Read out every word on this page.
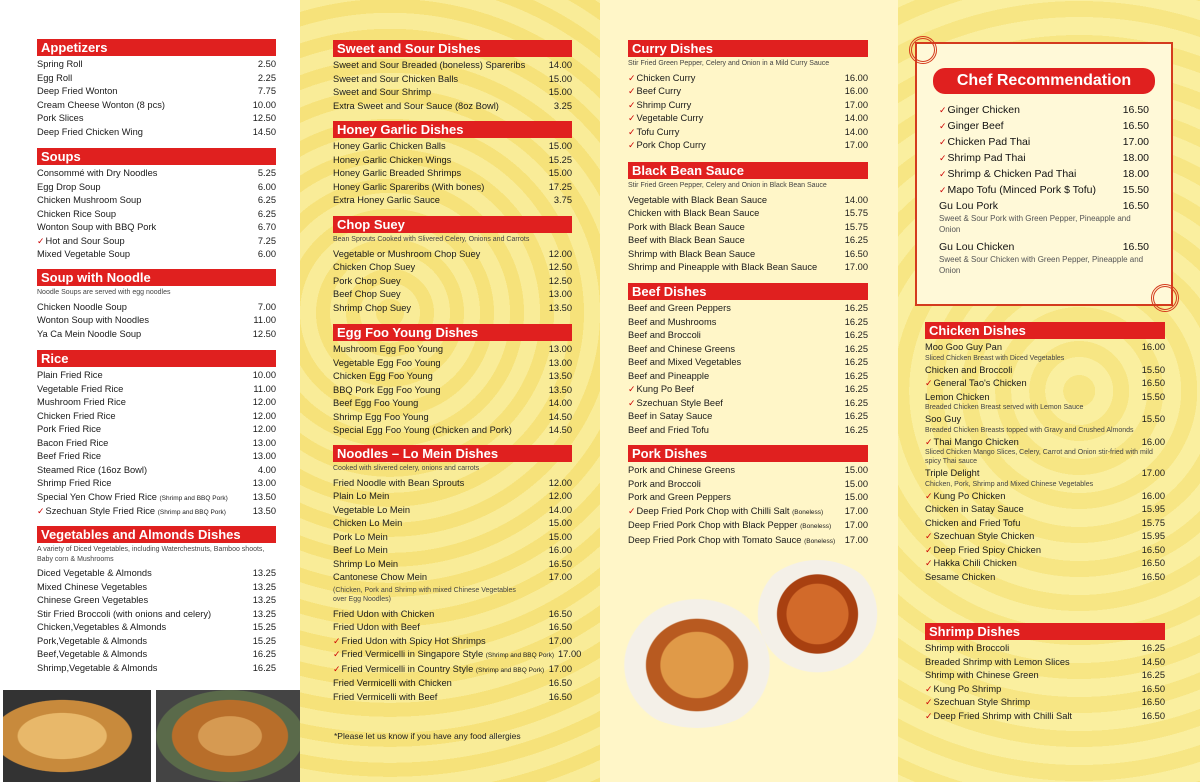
Appetizers
Spring Roll	2.50
Egg Roll	2.25
Deep Fried Wonton	7.75
Cream Cheese Wonton (8 pcs)	10.00
Pork Slices	12.50
Deep Fried Chicken Wing	14.50
Soups
Consommé with Dry Noodles	5.25
Egg Drop Soup	6.00
Chicken Mushroom Soup	6.25
Chicken Rice Soup	6.25
Wonton Soup with BBQ Pork	6.70
✓Hot and Sour Soup	7.25
Mixed Vegetable Soup	6.00
Soup with Noodle
Noodle Soups are served with egg noodles
Chicken Noodle Soup	7.00
Wonton Soup with Noodles	11.00
Ya Ca Mein Noodle Soup	12.50
Rice
Plain Fried Rice	10.00
Vegetable Fried Rice	11.00
Mushroom Fried Rice	12.00
Chicken Fried Rice	12.00
Pork Fried Rice	12.00
Bacon Fried Rice	13.00
Beef Fried Rice	13.00
Steamed Rice (16oz Bowl)	4.00
Shrimp Fried Rice	13.00
Special Yen Chow Fried Rice (Shrimp and BBQ Pork)	13.50
✓Szechuan Style Fried Rice (Shrimp and BBQ Pork)	13.50
Vegetables and Almonds Dishes
A variety of Diced Vegetables, including Waterchestnuts, Bamboo shoots, Baby corn & Mushrooms
Diced Vegetable & Almonds	13.25
Mixed Chinese Vegetables	13.25
Chinese Green Vegetables	13.25
Stir Fried Broccoli (with onions and celery)	13.25
Chicken,Vegetables & Almonds	15.25
Pork,Vegetable & Almonds	15.25
Beef,Vegetable & Almonds	16.25
Shrimp,Vegetable & Almonds	16.25
Sweet and Sour Dishes
Sweet and Sour Breaded (boneless) Spareribs	14.00
Sweet and Sour Chicken Balls	15.00
Sweet and Sour Shrimp	15.00
Extra Sweet and Sour Sauce (8oz Bowl)	3.25
Honey Garlic Dishes
Honey Garlic Chicken Balls	15.00
Honey Garlic Chicken Wings	15.25
Honey Garlic Breaded Shrimps	15.00
Honey Garlic Spareribs (With bones)	17.25
Extra Honey Garlic Sauce	3.75
Chop Suey
Bean Sprouts Cooked with Slivered Celery, Onions and Carrots
Vegetable or Mushroom Chop Suey	12.00
Chicken Chop Suey	12.50
Pork Chop Suey	12.50
Beef Chop Suey	13.00
Shrimp Chop Suey	13.50
Egg Foo Young Dishes
Mushroom Egg Foo Young	13.00
Vegetable Egg Foo Young	13.00
Chicken Egg Foo Young	13.50
BBQ Pork Egg Foo Young	13.50
Beef Egg Foo Young	14.00
Shrimp Egg Foo Young	14.50
Special Egg Foo Young (Chicken and Pork)	14.50
Noodles – Lo Mein Dishes
Cooked with slivered celery, onions and carrots
Fried Noodle with Bean Sprouts	12.00
Plain Lo Mein	12.00
Vegetable Lo Mein	14.00
Chicken Lo Mein	15.00
Pork Lo Mein	15.00
Beef Lo Mein	16.00
Shrimp Lo Mein	16.50
Cantonese Chow Mein	17.00
(Chicken, Pork and Shrimp with mixed Chinese Vegetables over Egg Noodles)
Fried Udon with Chicken	16.50
Fried Udon with Beef	16.50
✓Fried Udon with Spicy Hot Shrimps	17.00
✓Fried Vermicelli in Singapore Style (Shrimp and BBQ Pork) 17.00
✓Fried Vermicelli in Country Style (Shrimp and BBQ Pork) 17.00
Fried Vermicelli with Chicken	16.50
Fried Vermicelli with Beef	16.50
*Please let us know if you have any food allergies
Curry Dishes
Stir Fried Green Pepper, Celery and Onion in a Mild Curry Sauce
✓Chicken Curry	16.00
✓Beef Curry	16.00
✓Shrimp Curry	17.00
✓Vegetable Curry	14.00
✓Tofu Curry	14.00
✓Pork Chop Curry	17.00
Black Bean Sauce
Stir Fried Green Pepper, Celery and Onion in Black Bean Sauce
Vegetable with Black Bean Sauce	14.00
Chicken with Black Bean Sauce	15.75
Pork with Black Bean Sauce	15.75
Beef with Black Bean Sauce	16.25
Shrimp with Black Bean Sauce	16.50
Shrimp and Pineapple with Black Bean Sauce	17.00
Beef Dishes
Beef and Green Peppers	16.25
Beef and Mushrooms	16.25
Beef and Broccoli	16.25
Beef and Chinese Greens	16.25
Beef and Mixed Vegetables	16.25
Beef and Pineapple	16.25
✓Kung Po Beef	16.25
✓Szechuan Style Beef	16.25
Beef in Satay Sauce	16.25
Beef and Fried Tofu	16.25
Pork Dishes
Pork and Chinese Greens	15.00
Pork and Broccoli	15.00
Pork and Green Peppers	15.00
✓Deep Fried Pork Chop with Chilli Salt (Boneless)	17.00
Deep Fried Pork Chop with Black Pepper (Boneless)	17.00
Deep Fried Pork Chop with Tomato Sauce (Boneless)	17.00
Chef Recommendation
✓Ginger Chicken	16.50
✓Ginger Beef	16.50
✓Chicken Pad Thai	17.00
✓Shrimp Pad Thai	18.00
✓Shrimp & Chicken Pad Thai	18.00
✓Mapo Tofu (Minced Pork $ Tofu)	15.50
Gu Lou Pork	16.50
Sweet & Sour Pork with Green Pepper, Pineapple and Onion
Gu Lou Chicken	16.50
Sweet & Sour Chicken with Green Pepper, Pineapple and Onion
Chicken Dishes
Moo Goo Guy Pan	16.00
Sliced Chicken Breast with Diced Vegetables
Chicken and Broccoli	15.50
✓General Tao's Chicken	16.50
Lemon Chicken	15.50
Breaded Chicken Breast served with Lemon Sauce
Soo Guy	15.50
Breaded Chicken Breasts topped with Gravy and Crushed Almonds
✓Thai Mango Chicken	16.00
Sliced Chicken Mango Slices, Celery, Carrot and Onion stir-fried with mild spicy Thai sauce
Triple Delight	17.00
Chicken, Pork, Shrimp and Mixed Chinese Vegetables
✓Kung Po Chicken	16.00
Chicken in Satay Sauce	15.95
Chicken and Fried Tofu	15.75
✓Szechuan Style Chicken	15.95
✓Deep Fried Spicy Chicken	16.50
✓Hakka Chili Chicken	16.50
Sesame Chicken	16.50
Shrimp Dishes
Shrimp with Broccoli	16.25
Breaded Shrimp with Lemon Slices	14.50
Shrimp with Chinese Green	16.25
✓Kung Po Shrimp	16.50
✓Szechuan Style Shrimp	16.50
✓Deep Fried Shrimp with Chilli Salt	16.50
